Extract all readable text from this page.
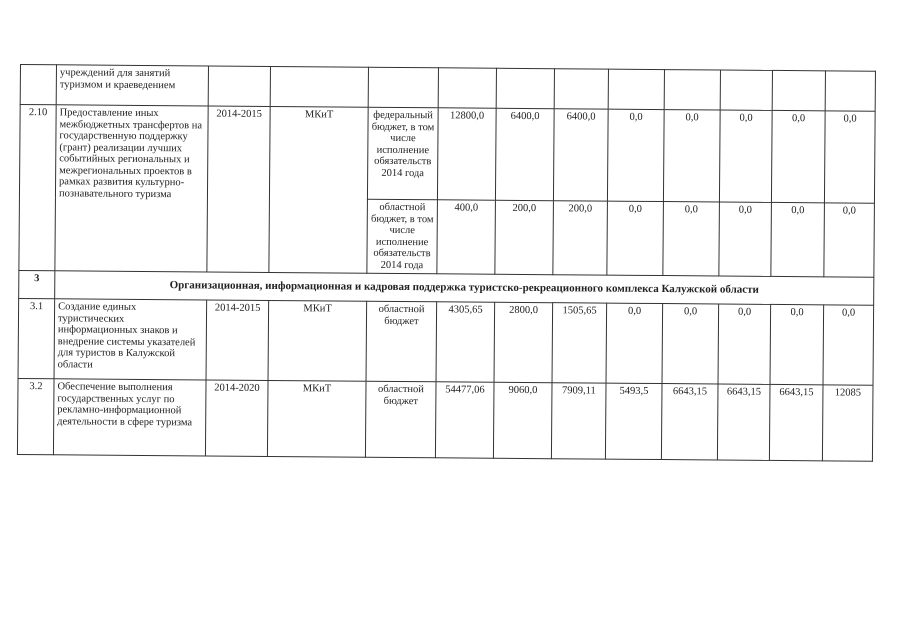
	учреждений для занятий туризмом и краеведением											
2.10	Предоставление иных межбюджетных трансфертов на государственную поддержку (грант) реализации лучших событийных региональных и межрегиональных проектов в рамках развития культурно-познавательного туризма	2014-2015	МКиТ	федеральный бюджет, в том числе исполнение обязательств 2014 года	12800,0	6400,0	6400,0	0,0	0,0	0,0	0,0	0,0
				областной бюджет, в том числе исполнение обязательств 2014 года	400,0	200,0	200,0	0,0	0,0	0,0	0,0	0,0
3	Организационная, информационная и кадровая поддержка туристско-рекреационного комплекса Калужской области											
3.1	Создание единых туристических информационных знаков и внедрение системы указателей для туристов в Калужской области	2014-2015	МКиТ	областной бюджет	4305,65	2800,0	1505,65	0,0	0,0	0,0	0,0	0,0
3.2	Обеспечение выполнения государственных услуг по рекламно-информационной деятельности в сфере туризма	2014-2020	МКиТ	областной бюджет	54477,06	9060,0	7909,11	5493,5	6643,15	6643,15	6643,15	12085
